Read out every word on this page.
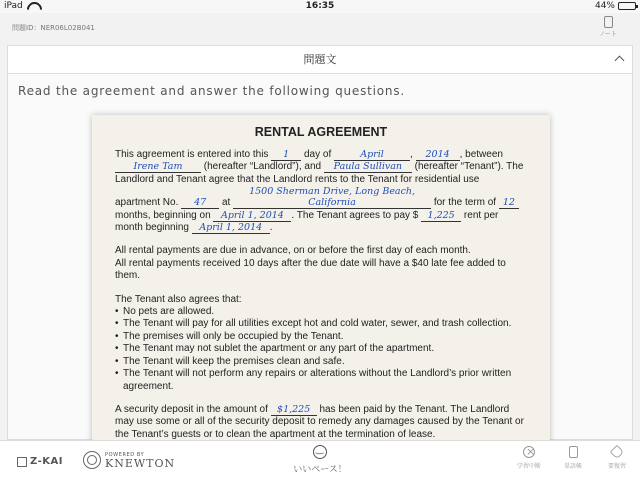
iPad	16:35	44%
問題ID：NER06L02B041
ノート
問題文
Read the agreement and answer the following questions.
RENTAL AGREEMENT

This agreement is entered into this 1 day of	April	, 2014 , between Irene Tam (hereafter “Landlord”), and Paula Sullivan (hereafter “Tenant”). The Landlord and Tenant agree that the Landlord rents to the Tenant for residential use apartment No. 47 at 1500 Sherman Drive, Long Beach, California	for the term of 12 months, beginning on April 1, 2014 . The Tenant agrees to pay $ 1,225 rent per month beginning April 1, 2014 .

All rental payments are due in advance, on or before the first day of each month.
All rental payments received 10 days after the due date will have a $40 late fee added to them.

The Tenant also agrees that:
• No pets are allowed.
• The Tenant will pay for all utilities except hot and cold water, sewer, and trash collection.
• The premises will only be occupied by the Tenant.
• The Tenant may not sublet the apartment or any part of the apartment.
• The Tenant will keep the premises clean and safe.
• The Tenant will not perform any repairs or alterations without the Landlord’s prior written agreement.

A security deposit in the amount of $1,225 has been paid by the Tenant. The Landlord may use some or all of the security deposit to remedy any damages caused by the Tenant or the Tenant’s guests or to clean the apartment at the termination of lease.

Z-KAI
POWERED BY
KNEWTON
‿
いいペース！
×	学習中断	単語帳	要復習
